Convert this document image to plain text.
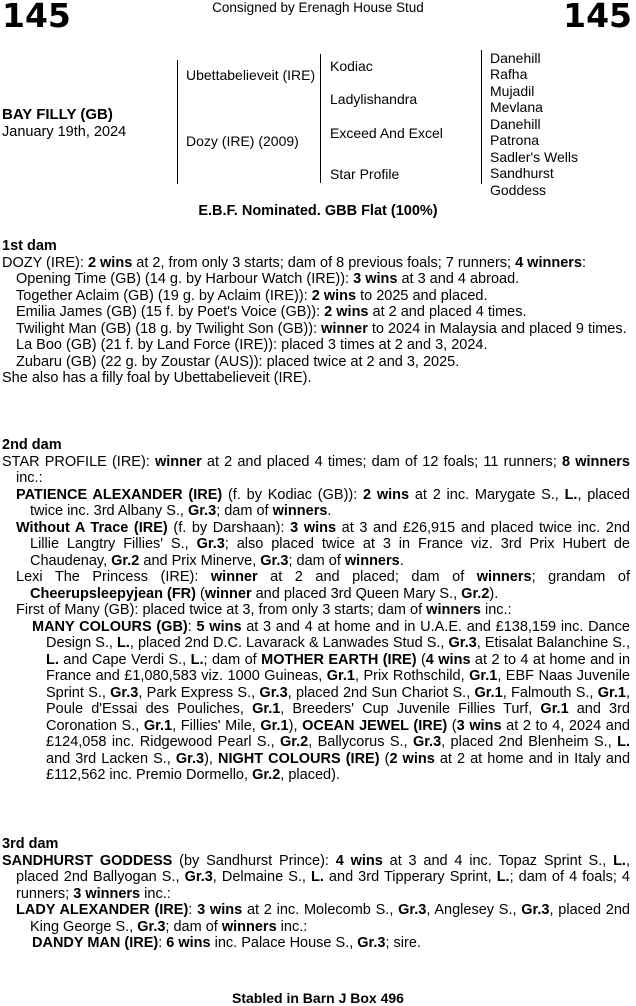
145	Consigned by Erenagh House Stud	145
BAY FILLY (GB)
January 19th, 2024
Ubettabelieveit (IRE)
Dozy (IRE) (2009)
Kodiac
Ladylishandra
Exceed And Excel
Star Profile
Danehill
Rafha
Mujadil
Mevlana
Danehill
Patrona
Sadler's Wells
Sandhurst Goddess
E.B.F. Nominated. GBB Flat (100%)
1st dam
DOZY (IRE): 2 wins at 2, from only 3 starts; dam of 8 previous foals; 7 runners; 4 winners:
Opening Time (GB) (14 g. by Harbour Watch (IRE)): 3 wins at 3 and 4 abroad.
Together Aclaim (GB) (19 g. by Aclaim (IRE)): 2 wins to 2025 and placed.
Emilia James (GB) (15 f. by Poet's Voice (GB)): 2 wins at 2 and placed 4 times.
Twilight Man (GB) (18 g. by Twilight Son (GB)): winner to 2024 in Malaysia and placed 9 times.
La Boo (GB) (21 f. by Land Force (IRE)): placed 3 times at 2 and 3, 2024.
Zubaru (GB) (22 g. by Zoustar (AUS)): placed twice at 2 and 3, 2025.
She also has a filly foal by Ubettabelieveit (IRE).
2nd dam
STAR PROFILE (IRE): winner at 2 and placed 4 times; dam of 12 foals; 11 runners; 8 winners inc.:
PATIENCE ALEXANDER (IRE) (f. by Kodiac (GB)): 2 wins at 2 inc. Marygate S., L., placed twice inc. 3rd Albany S., Gr.3; dam of winners.
Without A Trace (IRE) (f. by Darshaan): 3 wins at 3 and £26,915 and placed twice inc. 2nd Lillie Langtry Fillies' S., Gr.3; also placed twice at 3 in France viz. 3rd Prix Hubert de Chaudenay, Gr.2 and Prix Minerve, Gr.3; dam of winners.
Lexi The Princess (IRE): winner at 2 and placed; dam of winners; grandam of Cheerupsleepyjean (FR) (winner and placed 3rd Queen Mary S., Gr.2).
First of Many (GB): placed twice at 3, from only 3 starts; dam of winners inc.:
MANY COLOURS (GB): 5 wins at 3 and 4 at home and in U.A.E. and £138,159 inc. Dance Design S., L., placed 2nd D.C. Lavarack & Lanwades Stud S., Gr.3, Etisalat Balanchine S., L. and Cape Verdi S., L.; dam of MOTHER EARTH (IRE) (4 wins at 2 to 4 at home and in France and £1,080,583 viz. 1000 Guineas, Gr.1, Prix Rothschild, Gr.1, EBF Naas Juvenile Sprint S., Gr.3, Park Express S., Gr.3, placed 2nd Sun Chariot S., Gr.1, Falmouth S., Gr.1, Poule d'Essai des Pouliches, Gr.1, Breeders' Cup Juvenile Fillies Turf, Gr.1 and 3rd Coronation S., Gr.1, Fillies' Mile, Gr.1), OCEAN JEWEL (IRE) (3 wins at 2 to 4, 2024 and £124,058 inc. Ridgewood Pearl S., Gr.2, Ballycorus S., Gr.3, placed 2nd Blenheim S., L. and 3rd Lacken S., Gr.3), NIGHT COLOURS (IRE) (2 wins at 2 at home and in Italy and £112,562 inc. Premio Dormello, Gr.2, placed).
3rd dam
SANDHURST GODDESS (by Sandhurst Prince): 4 wins at 3 and 4 inc. Topaz Sprint S., L., placed 2nd Ballyogan S., Gr.3, Delmaine S., L. and 3rd Tipperary Sprint, L.; dam of 4 foals; 4 runners; 3 winners inc.:
LADY ALEXANDER (IRE): 3 wins at 2 inc. Molecomb S., Gr.3, Anglesey S., Gr.3, placed 2nd King George S., Gr.3; dam of winners inc.:
DANDY MAN (IRE): 6 wins inc. Palace House S., Gr.3; sire.
Stabled in Barn J Box 496
